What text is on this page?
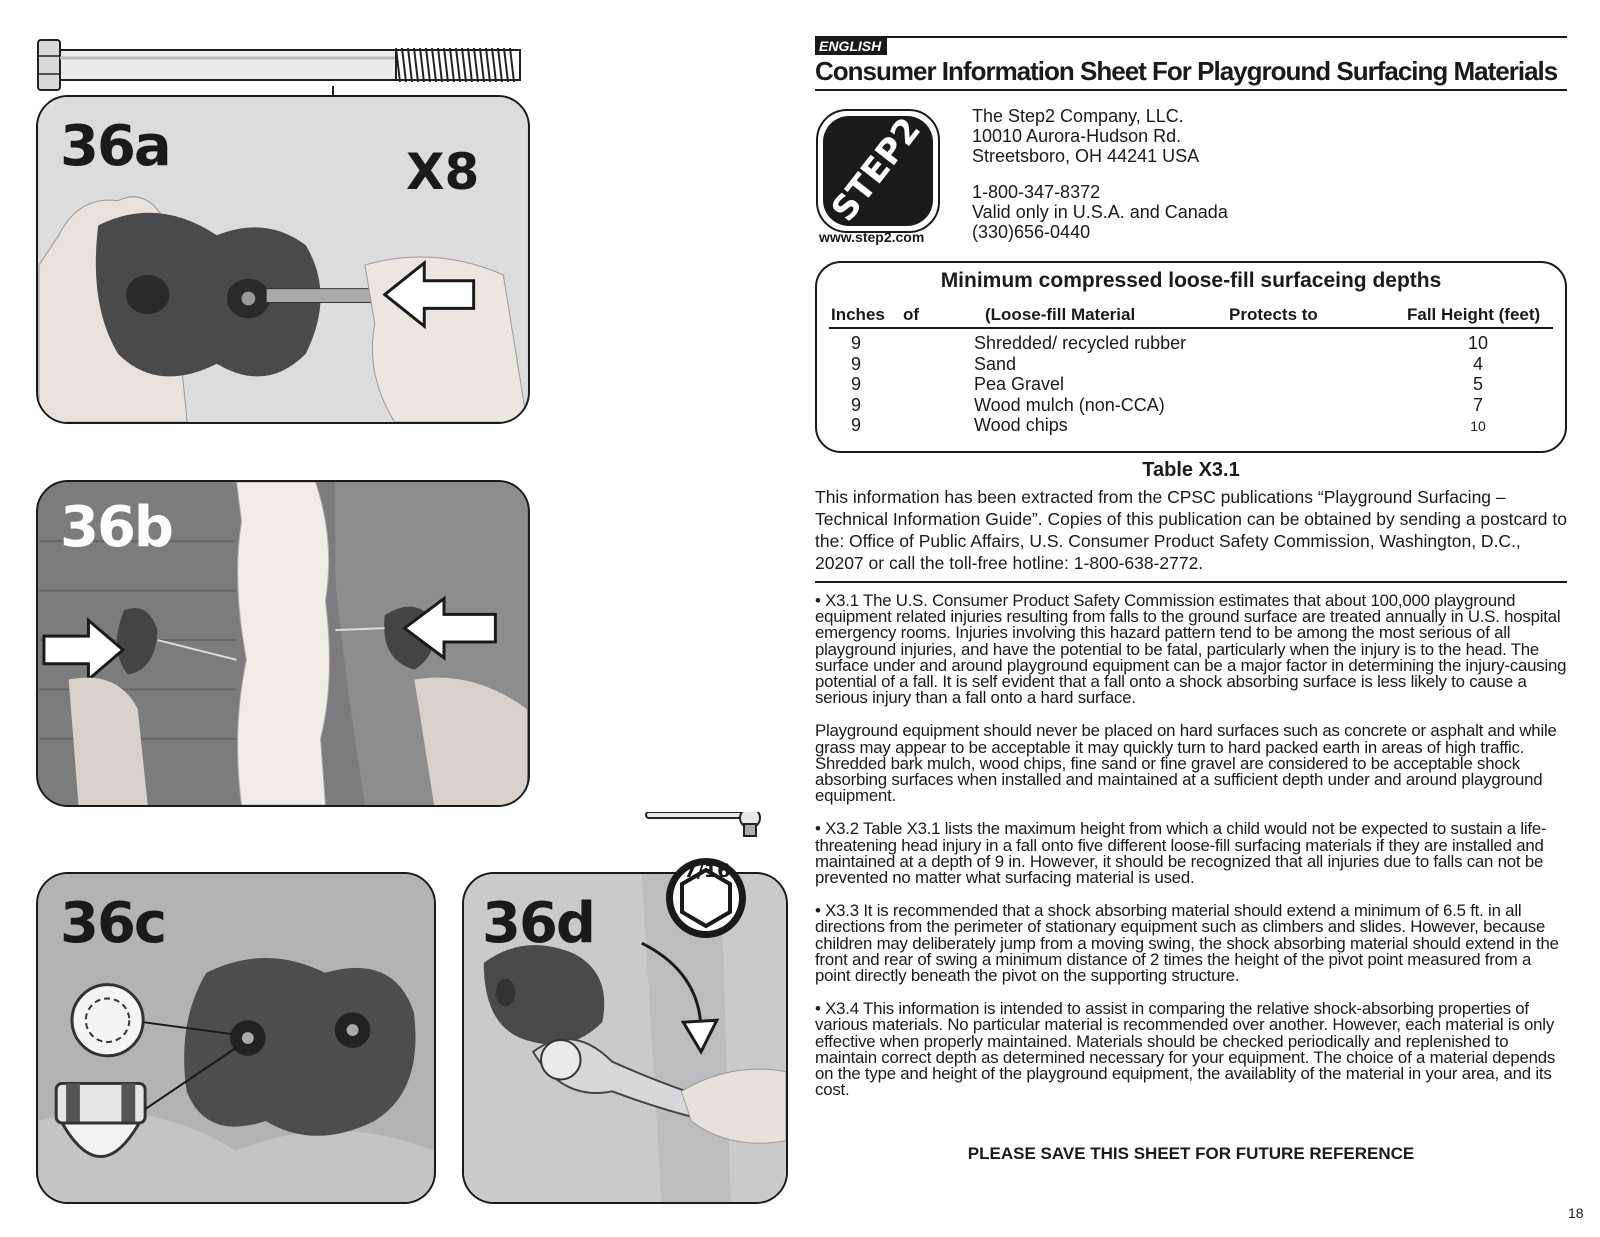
36a	X8
36b
36c	36d
7/16
ENGLISH
Consumer Information Sheet For Playground Surfacing Materials
STEP2
www.step2.com
The Step2 Company, LLC.
10010 Aurora-Hudson Rd.
Streetsboro, OH 44241 USA
1-800-347-8372
Valid only in U.S.A. and Canada
(330)656-0440
Minimum compressed loose-fill surfaceing depths
Inches of	(Loose-fill Material	Protects to	Fall Height (feet)
9	Shredded/ recycled rubber	10
9	Sand	4
9	Pea Gravel	5
9	Wood mulch (non-CCA)	7
9	Wood chips	10
Table X3.1
This information has been extracted from the CPSC publications “Playground Surfacing – Technical Information Guide”. Copies of this publication can be obtained by sending a postcard to the: Office of Public Affairs, U.S. Consumer Product Safety Commission, Washington, D.C., 20207 or call the toll-free hotline: 1-800-638-2772.

• X3.1 The U.S. Consumer Product Safety Commission estimates that about 100,000 playground equipment related injuries resulting from falls to the ground surface are treated annually in U.S. hospital emergency rooms. Injuries involving this hazard pattern tend to be among the most serious of all playground injuries, and have the potential to be fatal, particularly when the injury is to the head. The surface under and around playground equipment can be a major factor in determining the injury-causing potential of a fall. It is self evident that a fall onto a shock absorbing surface is less likely to cause a serious injury than a fall onto a hard surface.

Playground equipment should never be placed on hard surfaces such as concrete or asphalt and while grass may appear to be acceptable it may quickly turn to hard packed earth in areas of high traffic. Shredded bark mulch, wood chips, fine sand or fine gravel are considered to be acceptable shock absorbing surfaces when installed and maintained at a sufficient depth under and around playground equipment.

• X3.2 Table X3.1 lists the maximum height from which a child would not be expected to sustain a life-threatening head injury in a fall onto five different loose-fill surfacing materials if they are installed and maintained at a depth of 9 in. However, it should be recognized that all injuries due to falls can not be prevented no matter what surfacing material is used.

• X3.3 It is recommended that a shock absorbing material should extend a minimum of 6.5 ft. in all directions from the perimeter of stationary equipment such as climbers and slides. However, because children may deliberately jump from a moving swing, the shock absorbing material should extend in the front and rear of swing a minimum distance of 2 times the height of the pivot point measured from a point directly beneath the pivot on the supporting structure.

• X3.4 This information is intended to assist in comparing the relative shock-absorbing properties of various materials. No particular material is recommended over another. However, each material is only effective when properly maintained. Materials should be checked periodically and replenished to maintain correct depth as determined necessary for your equipment. The choice of a material depends on the type and height of the playground equipment, the availablity of the material in your area, and its cost.

PLEASE SAVE THIS SHEET FOR FUTURE REFERENCE
18
